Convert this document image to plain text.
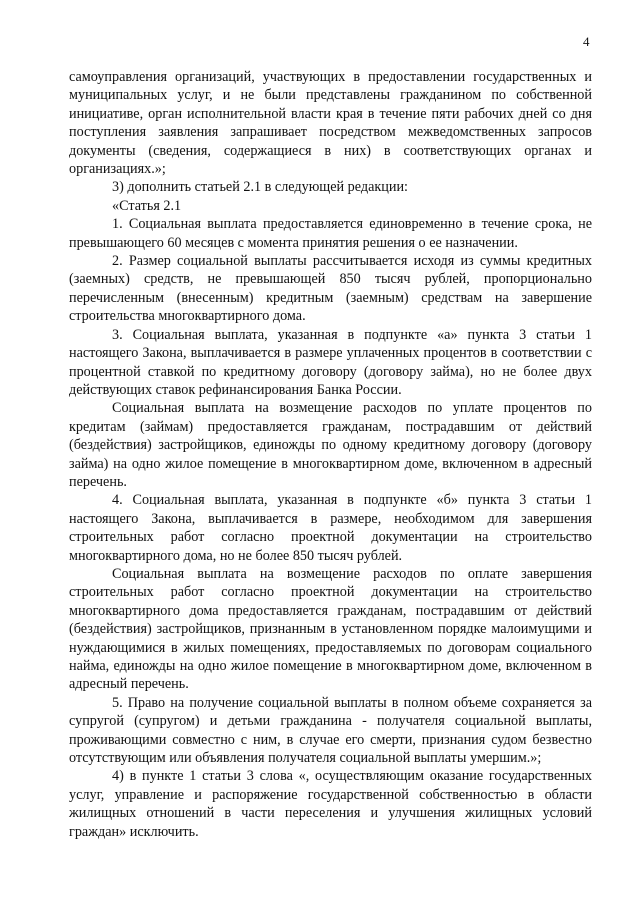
4

самоуправления организаций, участвующих в предоставлении государственных и муниципальных услуг, и не были представлены гражданином по собственной инициативе, орган исполнительной власти края в течение пяти рабочих дней со дня поступления заявления запрашивает посредством межведомственных запросов документы (сведения, содержащиеся в них) в соответствующих органах и организациях.»;

3) дополнить статьей 2.1 в следующей редакции:

«Статья 2.1

1. Социальная выплата предоставляется единовременно в течение срока, не превышающего 60 месяцев с момента принятия решения о ее назначении.

2. Размер социальной выплаты рассчитывается исходя из суммы кредитных (заемных) средств, не превышающей 850 тысяч рублей, пропорционально перечисленным (внесенным) кредитным (заемным) средствам на завершение строительства многоквартирного дома.

3. Социальная выплата, указанная в подпункте «а» пункта 3 статьи 1 настоящего Закона, выплачивается в размере уплаченных процентов в соответствии с процентной ставкой по кредитному договору (договору займа), но не более двух действующих ставок рефинансирования Банка России.

Социальная выплата на возмещение расходов по уплате процентов по кредитам (займам) предоставляется гражданам, пострадавшим от действий (бездействия) застройщиков, единожды по одному кредитному договору (договору займа) на одно жилое помещение в многоквартирном доме, включенном в адресный перечень.

4. Социальная выплата, указанная в подпункте «б» пункта 3 статьи 1 настоящего Закона, выплачивается в размере, необходимом для завершения строительных работ согласно проектной документации на строительство многоквартирного дома, но не более 850 тысяч рублей.

Социальная выплата на возмещение расходов по оплате завершения строительных работ согласно проектной документации на строительство многоквартирного дома предоставляется гражданам, пострадавшим от действий (бездействия) застройщиков, признанным в установленном порядке малоимущими и нуждающимися в жилых помещениях, предоставляемых по договорам социального найма, единожды на одно жилое помещение в многоквартирном доме, включенном в адресный перечень.

5. Право на получение социальной выплаты в полном объеме сохраняется за супругой (супругом) и детьми гражданина - получателя социальной выплаты, проживающими совместно с ним, в случае его смерти, признания судом безвестно отсутствующим или объявления получателя социальной выплаты умершим.»;

4) в пункте 1 статьи 3 слова «, осуществляющим оказание государственных услуг, управление и распоряжение государственной собственностью в области жилищных отношений в части переселения и улучшения жилищных условий граждан» исключить.
